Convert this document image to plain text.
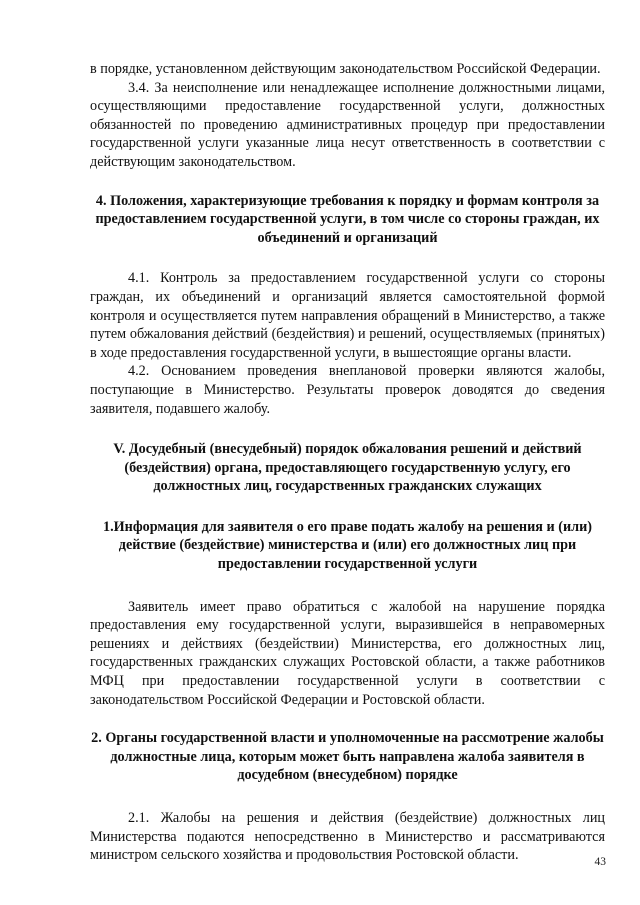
в порядке, установленном действующим законодательством Российской Федерации.

3.4. За неисполнение или ненадлежащее исполнение должностными лицами, осуществляющими предоставление государственной услуги, должностных обязанностей по проведению административных процедур при предоставлении государственной услуги указанные лица несут ответственность в соответствии с действующим законодательством.

4. Положения, характеризующие требования к порядку и формам контроля за предоставлением государственной услуги, в том числе со стороны граждан, их объединений и организаций

4.1. Контроль за предоставлением государственной услуги со стороны граждан, их объединений и организаций является самостоятельной формой контроля и осуществляется путем направления обращений в Министерство, а также путем обжалования действий (бездействия) и решений, осуществляемых (принятых) в ходе предоставления государственной услуги, в вышестоящие органы власти.

4.2. Основанием проведения внеплановой проверки являются жалобы, поступающие в Министерство. Результаты проверок доводятся до сведения заявителя, подавшего жалобу.

V. Досудебный (внесудебный) порядок обжалования решений и действий (бездействия) органа, предоставляющего государственную услугу, его должностных лиц, государственных гражданских служащих
1.Информация для заявителя о его праве подать жалобу на решения и (или) действие (бездействие) министерства и (или) его должностных лиц при предоставлении государственной услуги

Заявитель имеет право обратиться с жалобой на нарушение порядка предоставления ему государственной услуги, выразившейся в неправомерных решениях и действиях (бездействии) Министерства, его должностных лиц, государственных гражданских служащих Ростовской области, а также работников МФЦ при предоставлении государственной услуги в соответствии с законодательством Российской Федерации и Ростовской области.

2. Органы государственной власти и уполномоченные на рассмотрение жалобы должностные лица, которым может быть направлена жалоба заявителя в досудебном (внесудебном) порядке

2.1. Жалобы на решения и действия (бездействие) должностных лиц Министерства подаются непосредственно в Министерство и рассматриваются министром сельского хозяйства и продовольствия Ростовской области.	43
